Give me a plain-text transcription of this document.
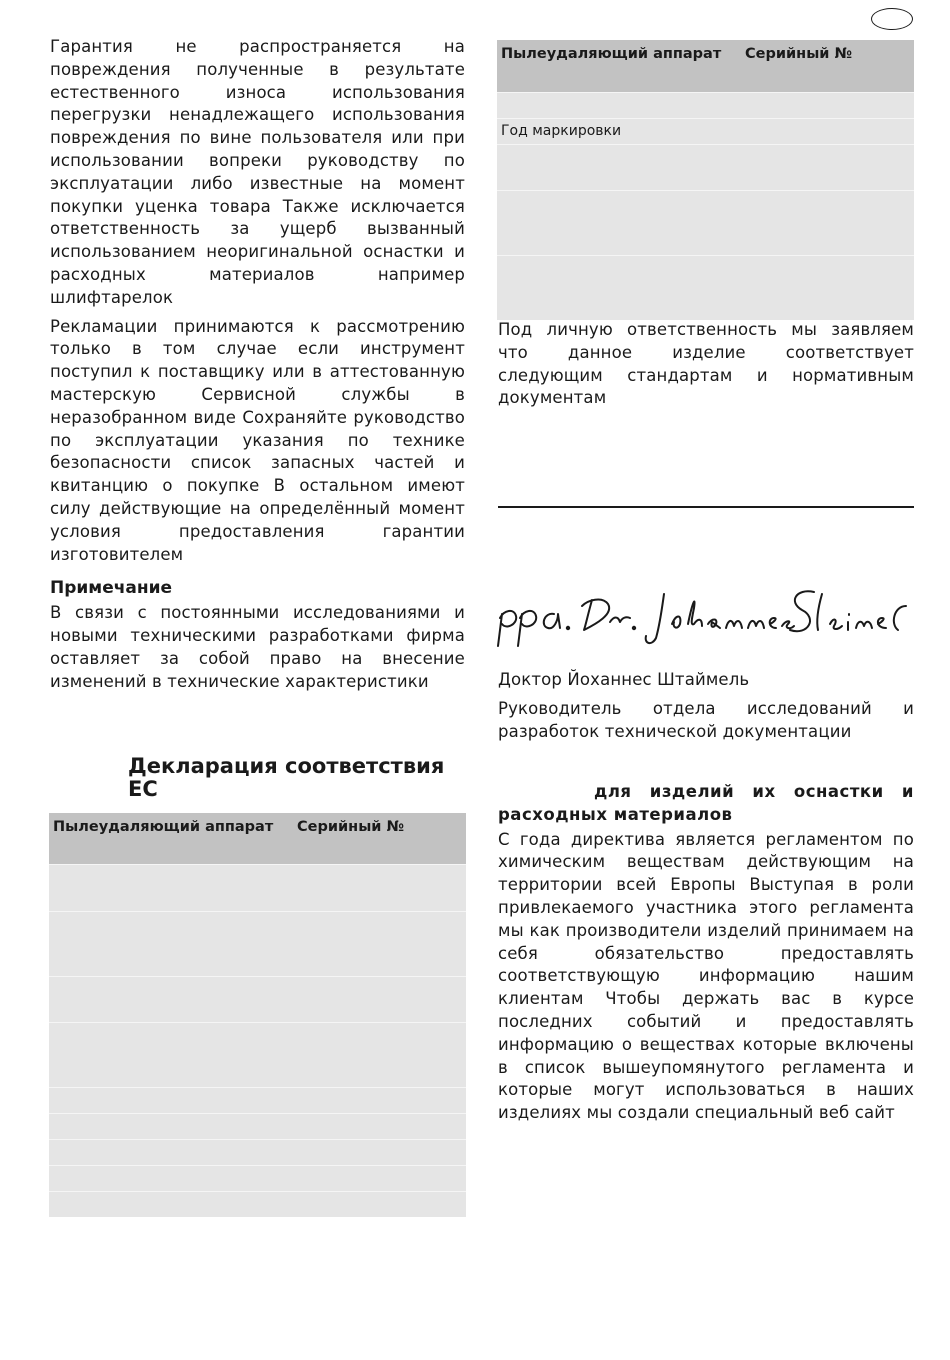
Гарантия не распространяется на повреждения полученные в результате естественного износа использования перегрузки ненадлежащего использования повреждения по вине пользователя или при использовании вопреки руководству по эксплуатации либо известные на момент покупки уценка товара Также исключается ответственность за ущерб вызванный использованием неоригинальной оснастки и расходных материалов например шлифтарелок

Рекламации принимаются к рассмотрению только в том случае если инструмент поступил к поставщику или в аттестованную мастерскую Сервисной службы в неразобранном виде Сохраняйте руководство по эксплуатации указания по технике безопасности список запасных частей и квитанцию о покупке В остальном имеют силу действующие на определённый момент условия предоставления гарантии изготовителем

Примечание

В связи с постоянными исследованиями и новыми техническими разработками фирма оставляет за собой право на внесение изменений в технические характеристики

Декларация соответствия EC

Пылеудаляющий аппарат	Серийный №
Пылеудаляющий аппарат	Серийный №
Год маркировки

Под личную ответственность мы заявляем что данное изделие соответствует следующим стандартам и нормативным документам

Доктор Йоханнес Штаймель

Руководитель отдела исследований и разработок технической документации

для изделий их оснастки и расходных материалов

С года директива является регламентом по химическим веществам действующим на территории всей Европы Выступая в роли привлекаемого участника этого регламента мы как производители изделий принимаем на себя обязательство предоставлять соответствующую информацию нашим клиентам Чтобы держать вас в курсе последних событий и предоставлять информацию о веществах которые включены в список вышеупомянутого регламента и которые могут использоваться в наших изделиях мы создали специальный веб сайт
